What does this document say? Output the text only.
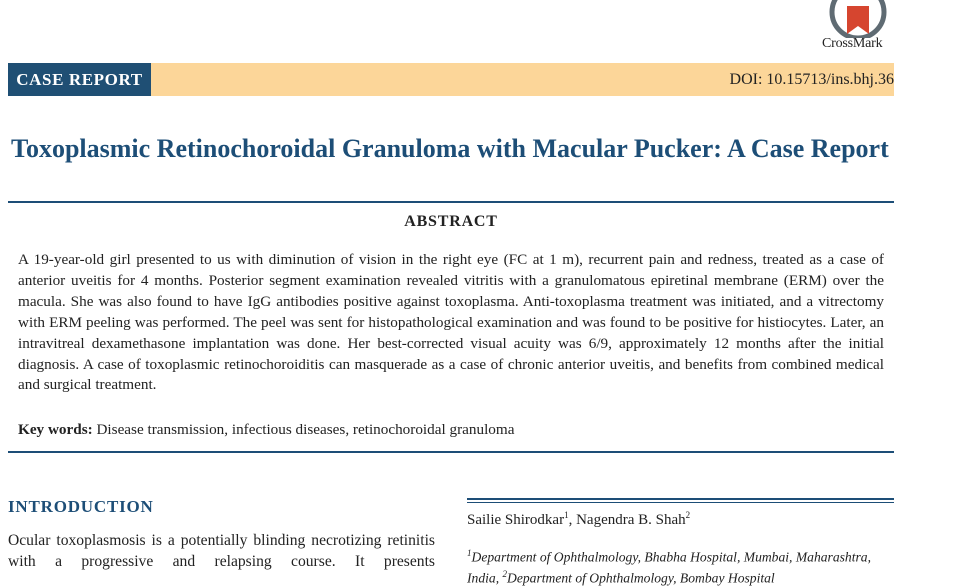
CrossMark
CASE REPORT	DOI: 10.15713/ins.bhj.36
Toxoplasmic Retinochoroidal Granuloma with Macular Pucker: A Case Report
ABSTRACT

A 19-year-old girl presented to us with diminution of vision in the right eye (FC at 1 m), recurrent pain and redness, treated as a case of anterior uveitis for 4 months. Posterior segment examination revealed vitritis with a granulomatous epiretinal membrane (ERM) over the macula. She was also found to have IgG antibodies positive against toxoplasma. Anti-toxoplasma treatment was initiated, and a vitrectomy with ERM peeling was performed. The peel was sent for histopathological examination and was found to be positive for histiocytes. Later, an intravitreal dexamethasone implantation was done. Her best-corrected visual acuity was 6/9, approximately 12 months after the initial diagnosis. A case of toxoplasmic retinochoroiditis can masquerade as a case of chronic anterior uveitis, and benefits from combined medical and surgical treatment.

Key words: Disease transmission, infectious diseases, retinochoroidal granuloma
INTRODUCTION

Ocular toxoplasmosis is a potentially blinding necrotizing retinitis with a progressive and relapsing course. It presents

Sailie Shirodkar$^1$, Nagendra B. Shah$^2$

$^1$Department of Ophthalmology, Bhabha Hospital, Mumbai, Maharashtra, India, $^2$Department of Ophthalmology, Bombay Hospital
